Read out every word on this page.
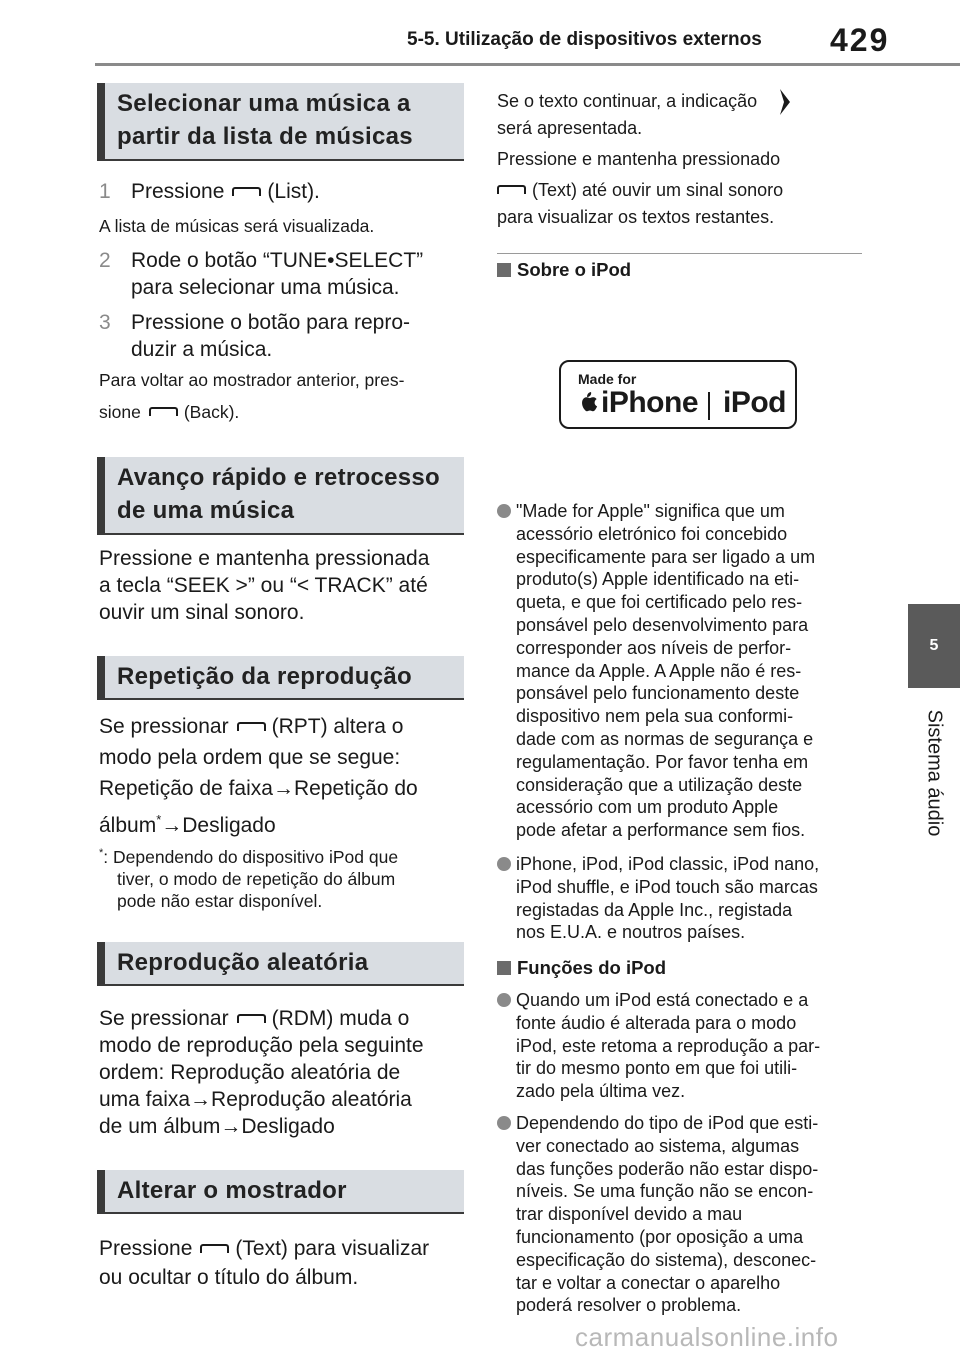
5-5. Utilização de dispositivos externos 429
5
Sistema áudio
Selecionar uma música a
partir da lista de músicas
1 Pressione (List).
A lista de músicas será visualizada.
2 Rode o botão “TUNE•SELECT”
para selecionar uma música.
3 Pressione o botão para repro-
duzir a música.
Para voltar ao mostrador anterior, pres-
sione (Back).
Avanço rápido e retrocesso
de uma música
Pressione e mantenha pressionada
a tecla “SEEK >” ou “< TRACK” até
ouvir um sinal sonoro.
Repetição da reprodução
Se pressionar (RPT) altera o
modo pela ordem que se segue:
Repetição de faixa→Repetição do
álbum*→Desligado
*: Dependendo do dispositivo iPod que
tiver, o modo de repetição do álbum
pode não estar disponível.
Reprodução aleatória
Se pressionar (RDM) muda o
modo de reprodução pela seguinte
ordem: Reprodução aleatória de
uma faixa→Reprodução aleatória
de um álbum→Desligado
Alterar o mostrador
Pressione (Text) para visualizar
ou ocultar o título do álbum.
Se o texto continuar, a indicação
será apresentada.
Pressione e mantenha pressionado
(Text) até ouvir um sinal sonoro
para visualizar os textos restantes.
Sobre o iPod
Made for
iPhone iPod
"Made for Apple" significa que um
acessório eletrónico foi concebido
especificamente para ser ligado a um
produto(s) Apple identificado na eti-
queta, e que foi certificado pelo res-
ponsável pelo desenvolvimento para
corresponder aos níveis de perfor-
mance da Apple. A Apple não é res-
ponsável pelo funcionamento deste
dispositivo nem pela sua conformi-
dade com as normas de segurança e
regulamentação. Por favor tenha em
consideração que a utilização deste
acessório com um produto Apple
pode afetar a performance sem fios.
iPhone, iPod, iPod classic, iPod nano,
iPod shuffle, e iPod touch são marcas
registadas da Apple Inc., registada
nos E.U.A. e noutros países.
Funções do iPod
Quando um iPod está conectado e a
fonte áudio é alterada para o modo
iPod, este retoma a reprodução a par-
tir do mesmo ponto em que foi utili-
zado pela última vez.
Dependendo do tipo de iPod que esti-
ver conectado ao sistema, algumas
das funções poderão não estar dispo-
níveis. Se uma função não se encon-
trar disponível devido a mau
funcionamento (por oposição a uma
especificação do sistema), desconec-
tar e voltar a conectar o aparelho
poderá resolver o problema.
carmanualsonline.info
